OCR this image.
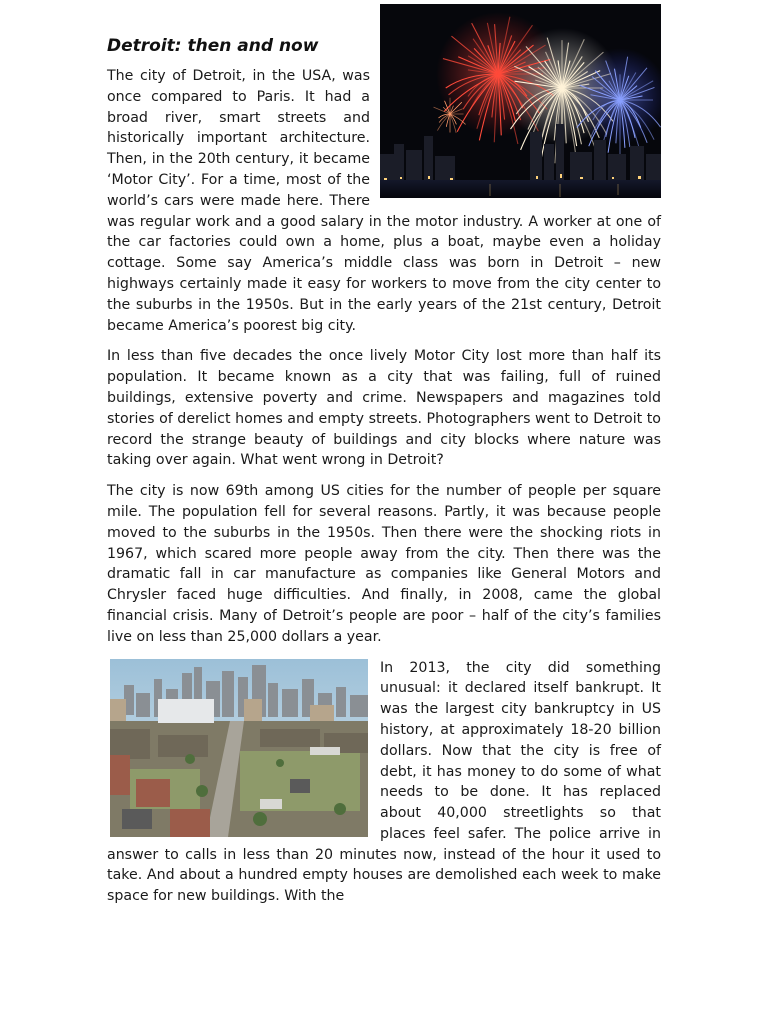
Detroit: then and now

The city of Detroit, in the USA, was once compared to Paris. It had a broad river, smart streets and historically important architecture. Then, in the 20th century, it became ‘Motor City’. For a time, most of the world’s cars were made here. There was regular work and a good salary in the motor industry. A worker at one of the car factories could own a home, plus a boat, maybe even a holiday cottage. Some say America’s middle class was born in Detroit – new highways certainly made it easy for workers to move from the city center to the suburbs in the 1950s. But in the early years of the 21st century, Detroit became America’s poorest big city.

In less than five decades the once lively Motor City lost more than half its population. It became known as a city that was failing, full of ruined buildings, extensive poverty and crime. Newspapers and magazines told stories of derelict homes and empty streets. Photographers went to Detroit to record the strange beauty of buildings and city blocks where nature was taking over again. What went wrong in Detroit?

The city is now 69th among US cities for the number of people per square mile. The population fell for several reasons. Partly, it was because people moved to the suburbs in the 1950s. Then there were the shocking riots in 1967, which scared more people away from the city. Then there was the dramatic fall in car manufacture as companies like General Motors and Chrysler faced huge difficulties. And finally, in 2008, came the global financial crisis. Many of Detroit’s people are poor – half of the city’s families live on less than 25,000 dollars a year.

In 2013, the city did something unusual: it declared itself bankrupt. It was the largest city bankruptcy in US history, at approximately 18-20 billion dollars. Now that the city is free of debt, it has money to do some of what needs to be done. It has replaced about 40,000 streetlights so that places feel safer. The police arrive in answer to calls in less than 20 minutes now, instead of the hour it used to take. And about a hundred empty houses are demolished each week to make space for new buildings. With the
